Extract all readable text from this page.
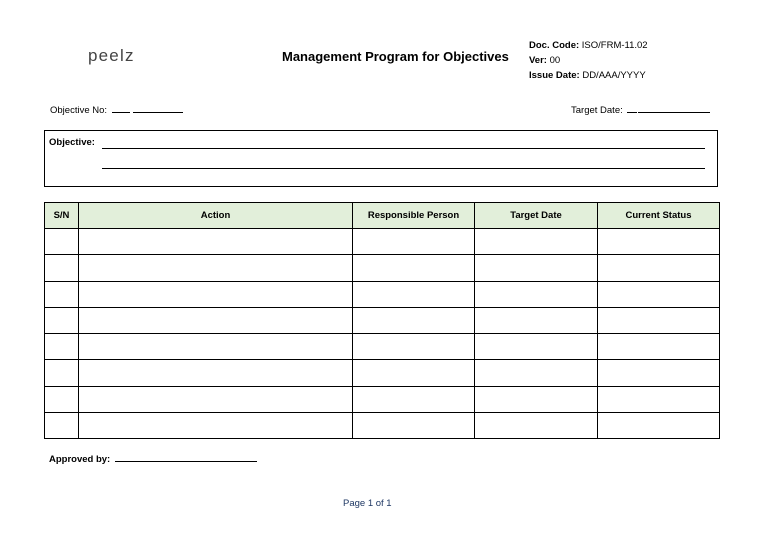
peelz	Management Program for Objectives
Doc. Code: ISO/FRM-11.02
Ver: 00
Issue Date: DD/AAA/YYYY
Objective No:	Target Date:
Objective:
S/N	Action	Responsible Person	Target Date	Current Status

Approved by:
Page 1 of 1
